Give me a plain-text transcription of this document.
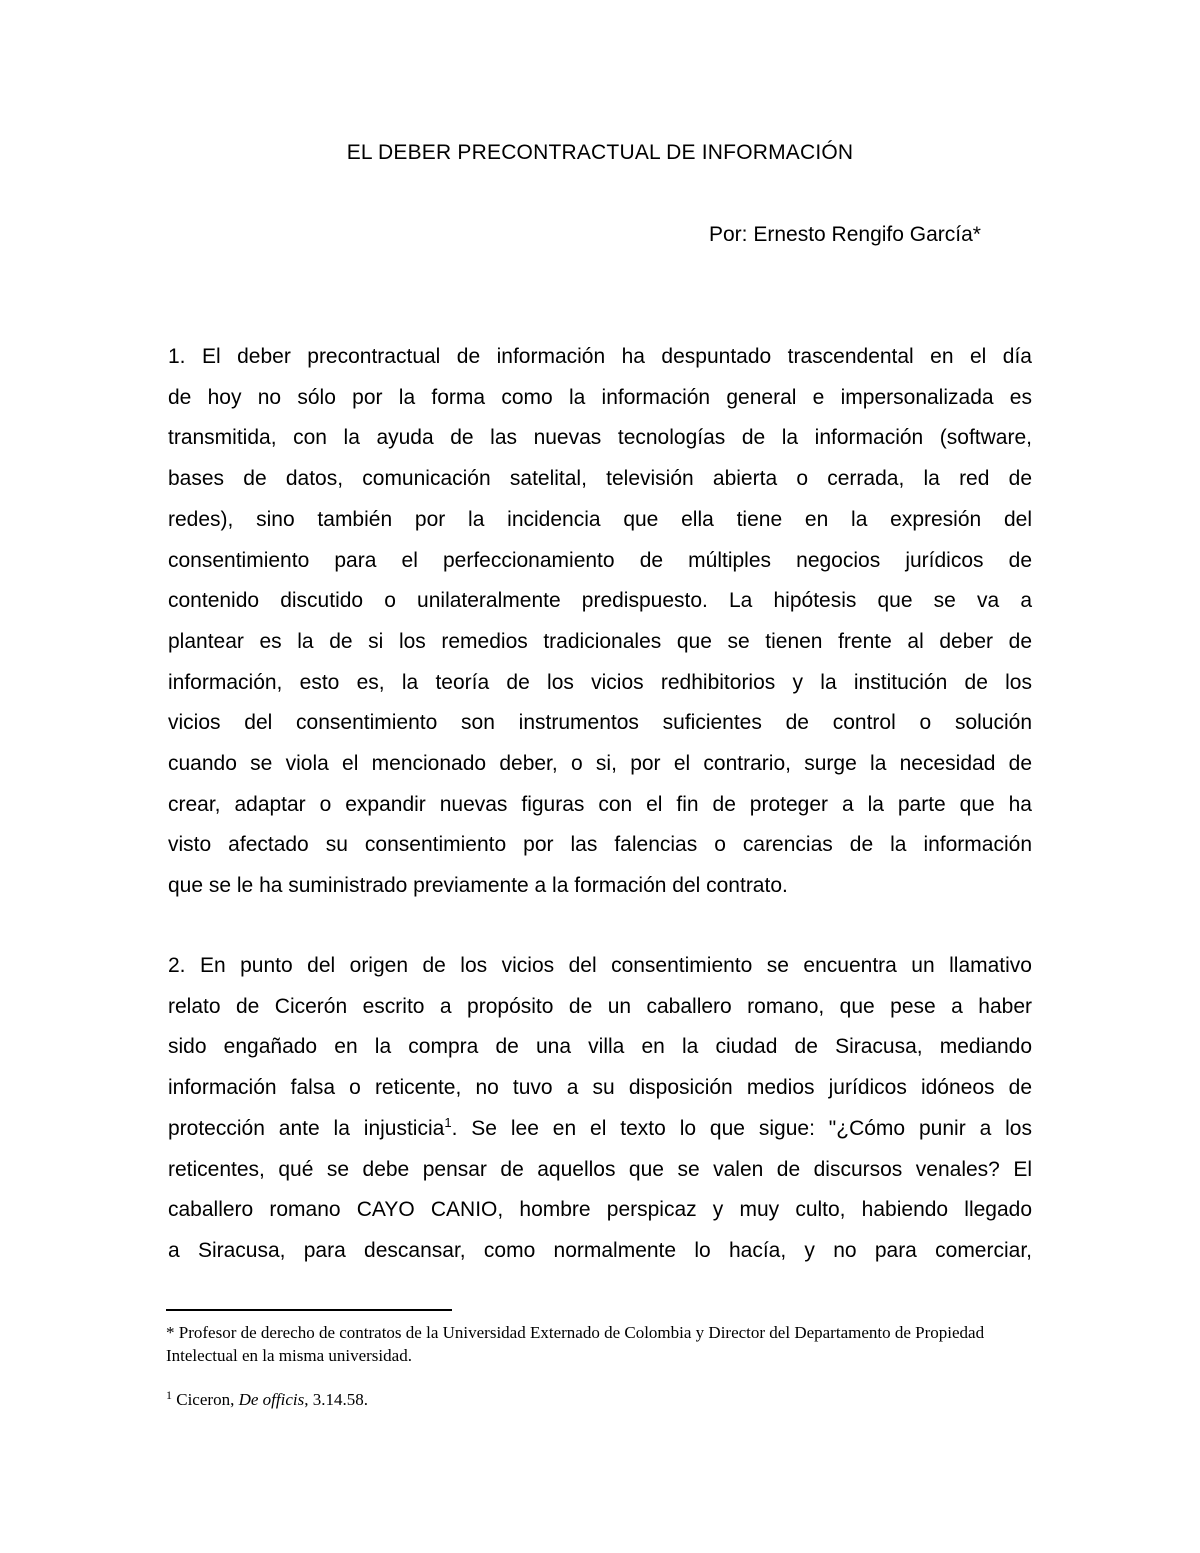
EL DEBER PRECONTRACTUAL DE INFORMACIÓN
Por: Ernesto Rengifo García*
1. El deber precontractual de información ha despuntado trascendental en el día
de hoy no sólo por la forma como la información general e impersonalizada es
transmitida, con la ayuda de las nuevas tecnologías de la información (software,
bases de datos, comunicación satelital, televisión abierta o cerrada, la red de
redes), sino también por la incidencia que ella tiene en la expresión del
consentimiento para el perfeccionamiento de múltiples negocios jurídicos de
contenido discutido o unilateralmente predispuesto. La hipótesis que se va a
plantear es la de si los remedios tradicionales que se tienen frente al deber de
información, esto es, la teoría de los vicios redhibitorios y la institución de los
vicios del consentimiento son instrumentos suficientes de control o solución
cuando se viola el mencionado deber, o si, por el contrario, surge la necesidad de
crear, adaptar o expandir nuevas figuras con el fin de proteger a la parte que ha
visto afectado su consentimiento por las falencias o carencias de la información
que se le ha suministrado previamente a la formación del contrato.
2. En punto del origen de los vicios del consentimiento se encuentra un llamativo
relato de Cicerón escrito a propósito de un caballero romano, que pese a haber
sido engañado en la compra de una villa en la ciudad de Siracusa, mediando
información falsa o reticente, no tuvo a su disposición medios jurídicos idóneos de
protección ante la injusticia$^1$. Se lee en el texto lo que sigue: "¿Cómo punir a los
reticentes, qué se debe pensar de aquellos que se valen de discursos venales? El
caballero romano CAYO CANIO, hombre perspicaz y muy culto, habiendo llegado
a Siracusa, para descansar, como normalmente lo hacía, y no para comerciar,

* Profesor de derecho de contratos de la Universidad Externado de Colombia y Director del Departamento de Propiedad Intelectual en la misma universidad.

$^1$ Ciceron, De officis, 3.14.58.
